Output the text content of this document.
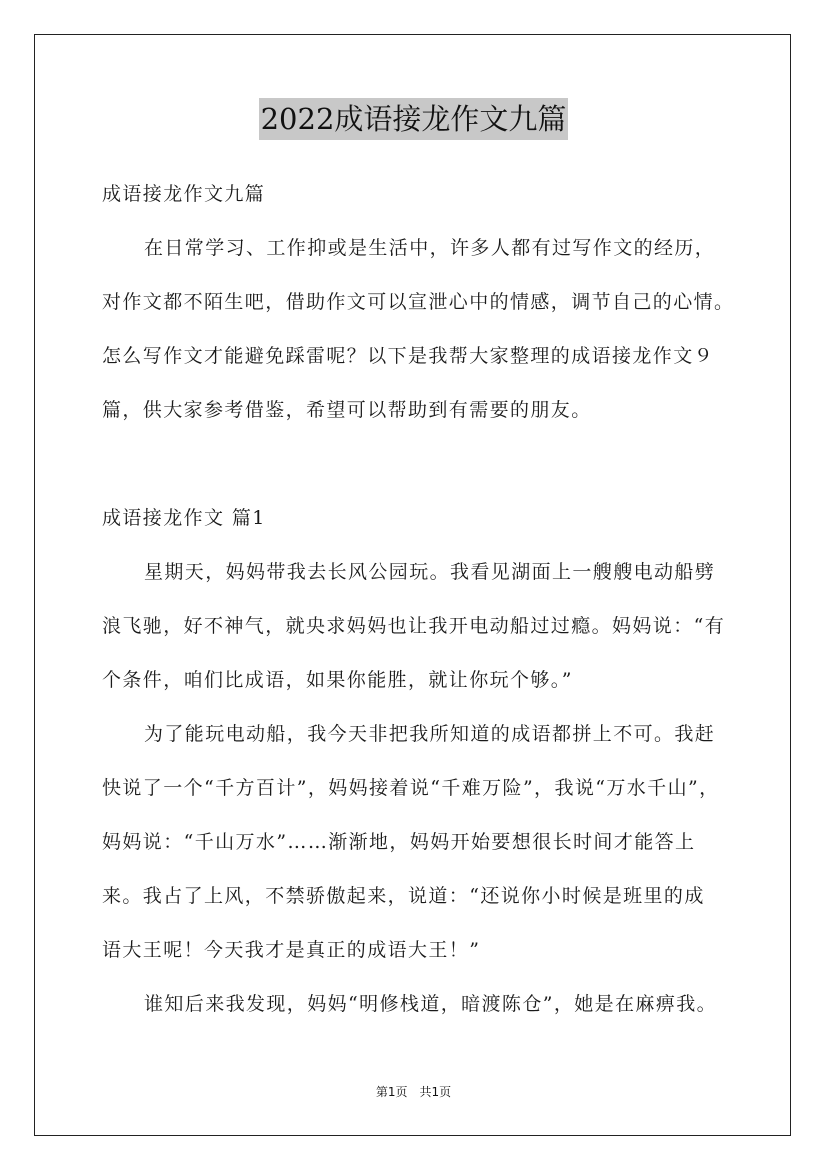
2022成语接龙作文九篇
成语接龙作文九篇
在日常学习、工作抑或是生活中，许多人都有过写作文的经历，
对作文都不陌生吧，借助作文可以宣泄心中的情感，调节自己的心情。
怎么写作文才能避免踩雷呢？以下是我帮大家整理的成语接龙作文９
篇，供大家参考借鉴，希望可以帮助到有需要的朋友。
成语接龙作文 篇1
星期天，妈妈带我去长风公园玩。我看见湖面上一艘艘电动船劈
浪飞驰，好不神气，就央求妈妈也让我开电动船过过瘾。妈妈说：“有
个条件，咱们比成语，如果你能胜，就让你玩个够。”
为了能玩电动船，我今天非把我所知道的成语都拼上不可。我赶
快说了一个“千方百计”，妈妈接着说“千难万险”，我说“万水千山”，
妈妈说：“千山万水”……渐渐地，妈妈开始要想很长时间才能答上
来。我占了上风，不禁骄傲起来，说道：“还说你小时候是班里的成
语大王呢！今天我才是真正的成语大王！”
谁知后来我发现，妈妈“明修栈道，暗渡陈仓”，她是在麻痹我。
第1页　共1页
